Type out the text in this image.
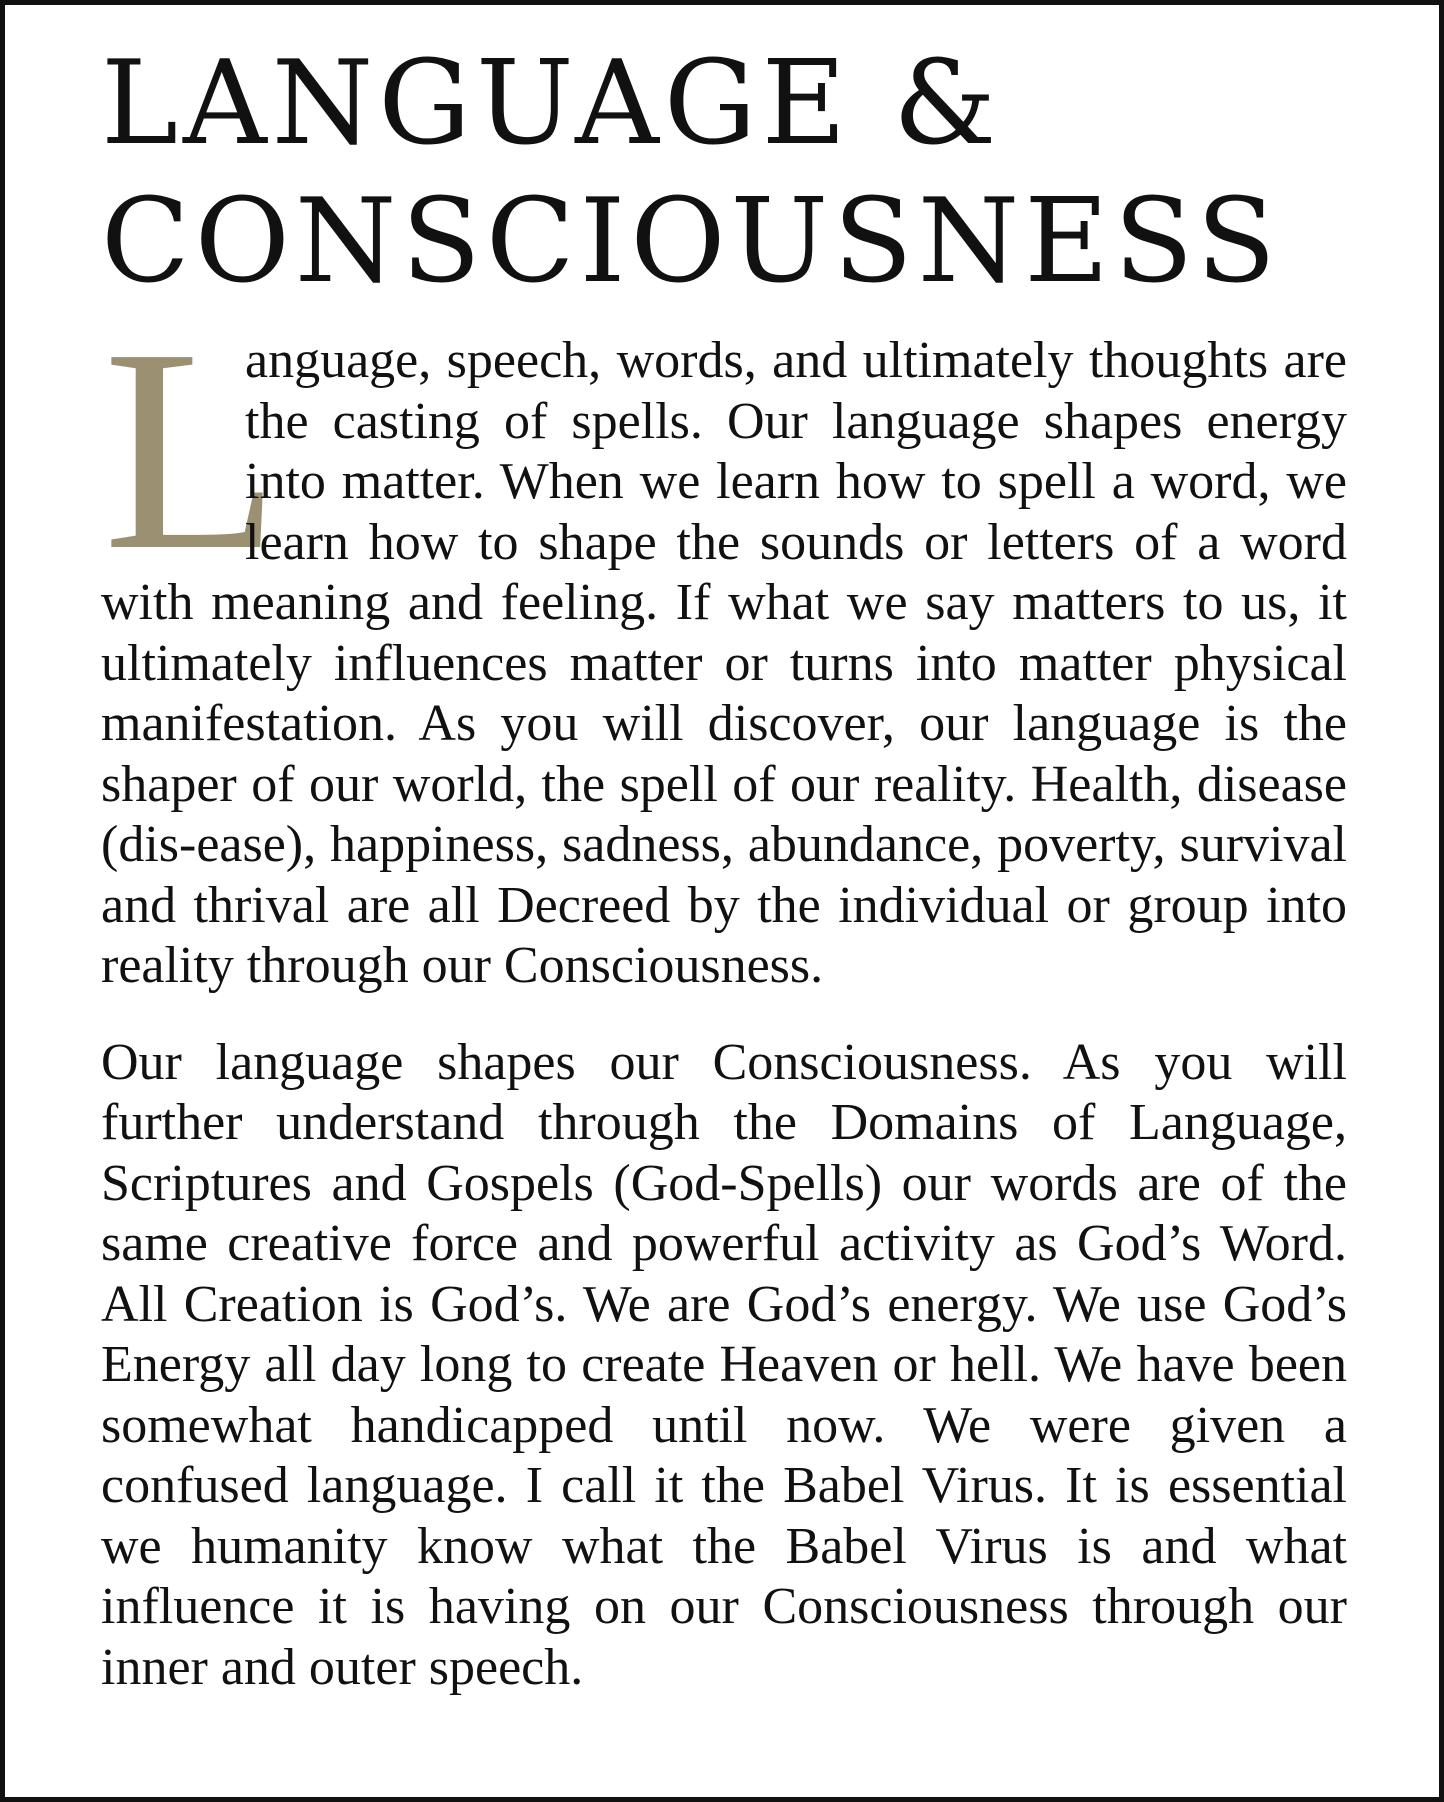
LANGUAGE &
CONSCIOUSNESS

L
anguage, speech, words, and ultimately thoughts are the casting of spells. Our language shapes energy into matter. When we learn how to spell a word, we learn how to shape the sounds or letters of a word with meaning and feeling. If what we say matters to us, it ultimately influences matter or turns into matter physical manifestation. As you will discover, our language is the shaper of our world, the spell of our reality. Health, disease (dis-ease), happiness, sadness, abundance, poverty, survival and thrival are all Decreed by the individual or group into reality through our Consciousness.

Our language shapes our Consciousness. As you will further understand through the Domains of Language, Scriptures and Gospels (God-Spells) our words are of the same creative force and powerful activity as God’s Word. All Creation is God’s. We are God’s energy. We use God’s Energy all day long to create Heaven or hell. We have been somewhat handicapped until now. We were given a confused language. I call it the Babel Virus. It is essential we humanity know what the Babel Virus is and what influence it is having on our Consciousness through our inner and outer speech.
